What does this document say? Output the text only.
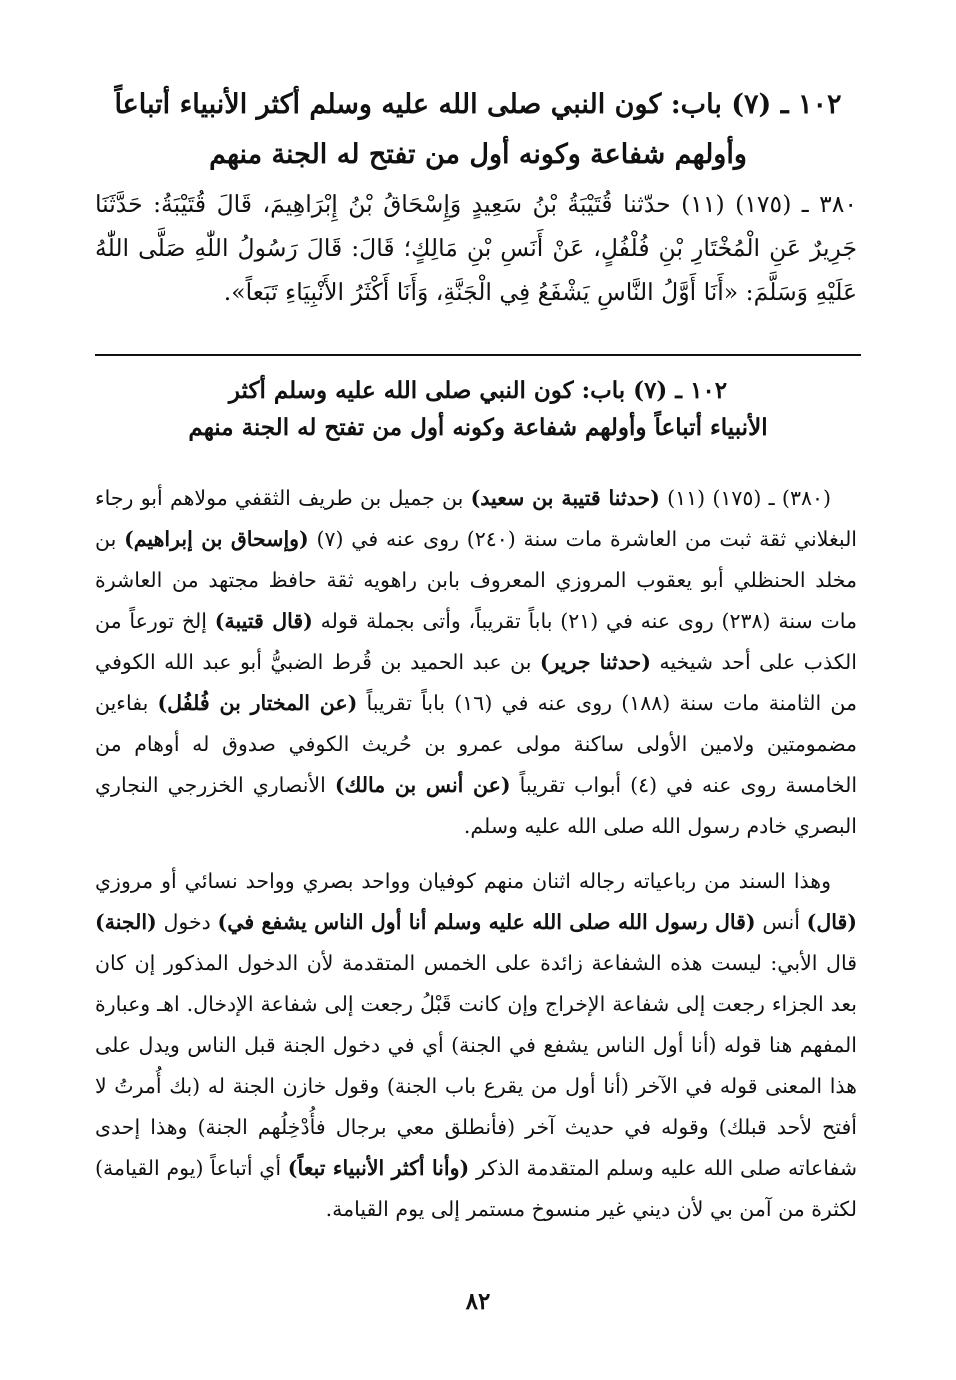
١٠٢ ـ (٧) باب: كون النبي صلى الله عليه وسلم أكثر الأنبياء أتباعاً
وأولهم شفاعة وكونه أول من تفتح له الجنة منهم
٣٨٠ ـ (١٧٥) (١١) حدّثنا قُتَيْبَةُ بْنُ سَعِيدٍ وَإِسْحَاقُ بْنُ إِبْرَاهِيمَ، قَالَ قُتَيْبَةُ: حَدَّثَنَا جَرِيرٌ عَنِ الْمُخْتَارِ بْنِ فُلْفُلٍ، عَنْ أَنَسِ بْنِ مَالِكٍ؛ قَالَ: قَالَ رَسُولُ اللّٰهِ صَلَّى اللّٰهُ عَلَيْهِ وَسَلَّمَ: «أَنَا أَوَّلُ النَّاسِ يَشْفَعُ فِي الْجَنَّةِ، وَأَنَا أَكْثَرُ الأَنْبِيَاءِ تَبَعاً».
١٠٢ ـ (٧) باب: كون النبي صلى الله عليه وسلم أكثر
الأنبياء أتباعاً وأولهم شفاعة وكونه أول من تفتح له الجنة منهم

(٣٨٠) ـ (١٧٥) (١١) (حدثنا قتيبة بن سعيد) بن جميل بن طريف الثقفي مولاهم أبو رجاء البغلاني ثقة ثبت من العاشرة مات سنة (٢٤٠) روى عنه في (٧) (وإسحاق بن إبراهيم) بن مخلد الحنظلي أبو يعقوب المروزي المعروف بابن راهويه ثقة حافظ مجتهد من العاشرة مات سنة (٢٣٨) روى عنه في (٢١) باباً تقريباً، وأتى بجملة قوله (قال قتيبة) إلخ تورعاً من الكذب على أحد شيخيه (حدثنا جرير) بن عبد الحميد بن قُرط الضبيُّ أبو عبد الله الكوفي من الثامنة مات سنة (١٨٨) روى عنه في (١٦) باباً تقريباً (عن المختار بن فُلفُل) بفاءين مضمومتين ولامين الأولى ساكنة مولى عمرو بن حُريث الكوفي صدوق له أوهام من الخامسة روى عنه في (٤) أبواب تقريباً (عن أنس بن مالك) الأنصاري الخزرجي النجاري البصري خادم رسول الله صلى الله عليه وسلم.

وهذا السند من رباعياته رجاله اثنان منهم كوفيان وواحد بصري وواحد نسائي أو مروزي (قال) أنس (قال رسول الله صلى الله عليه وسلم أنا أول الناس يشفع في) دخول (الجنة) قال الأبي: ليست هذه الشفاعة زائدة على الخمس المتقدمة لأن الدخول المذكور إن كان بعد الجزاء رجعت إلى شفاعة الإخراج وإن كانت قَبْلُ رجعت إلى شفاعة الإدخال. اهـ وعبارة المفهم هنا قوله (أنا أول الناس يشفع في الجنة) أي في دخول الجنة قبل الناس ويدل على هذا المعنى قوله في الآخر (أنا أول من يقرع باب الجنة) وقول خازن الجنة له (بك أُمرتُ لا أفتح لأحد قبلك) وقوله في حديث آخر (فأنطلق معي برجال فأُدْخِلُهم الجنة) وهذا إحدى شفاعاته صلى الله عليه وسلم المتقدمة الذكر (وأنا أكثر الأنبياء تبعاً) أي أتباعاً (يوم القيامة) لكثرة من آمن بي لأن ديني غير منسوخ مستمر إلى يوم القيامة.

٨٢
